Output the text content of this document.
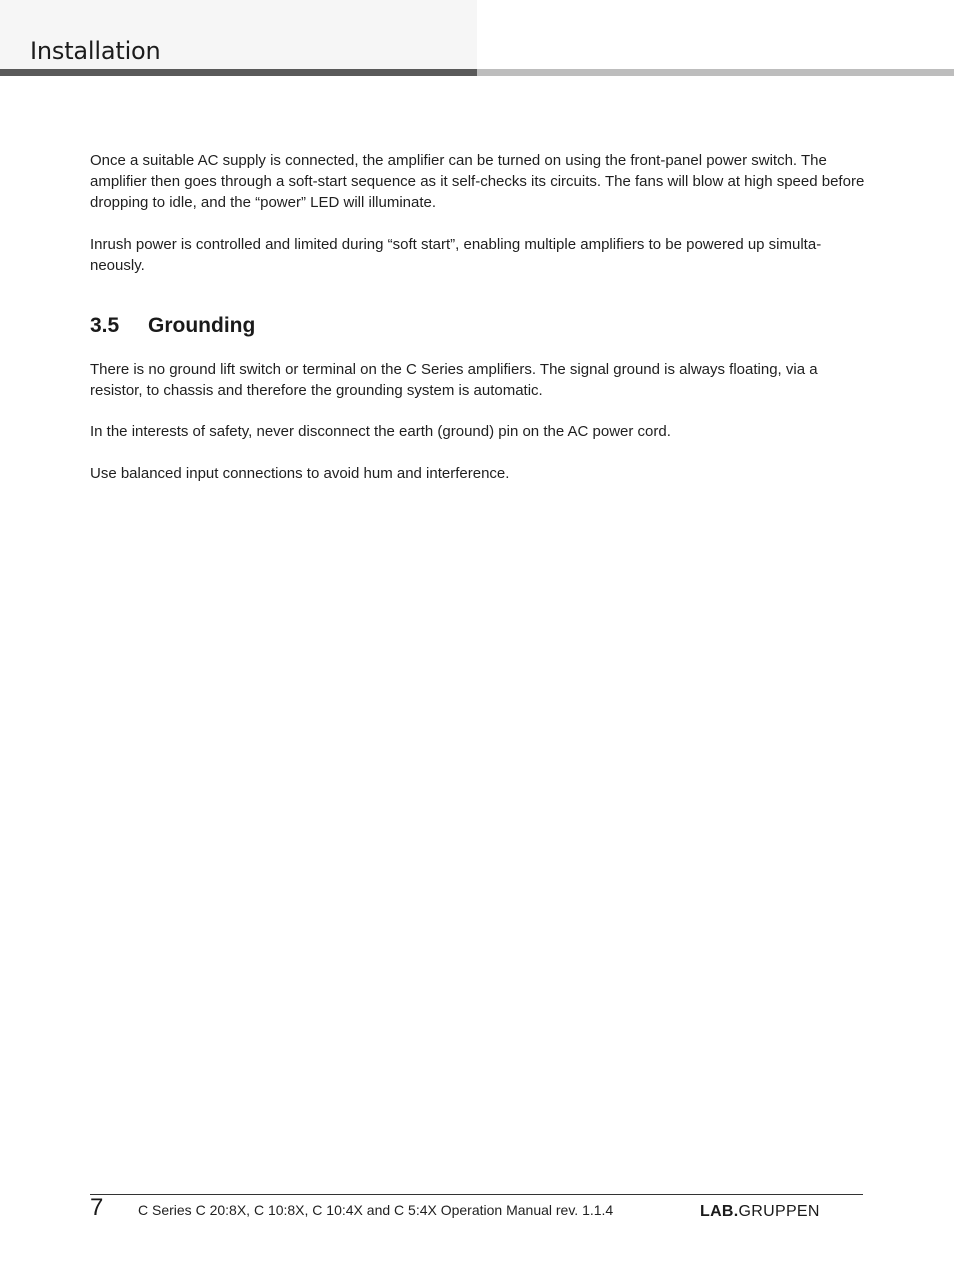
Installation

Once a suitable AC supply is connected, the amplifier can be turned on using the front-panel power switch. The amplifier then goes through a soft-start sequence as it self-checks its circuits. The fans will blow at high speed before dropping to idle, and the “power” LED will illuminate.

Inrush power is controlled and limited during “soft start”, enabling multiple amplifiers to be powered up simulta-neously.

3.5 Grounding

There is no ground lift switch or terminal on the C Series amplifiers. The signal ground is always floating, via a resistor, to chassis and therefore the grounding system is automatic.

In the interests of safety, never disconnect the earth (ground) pin on the AC power cord.

Use balanced input connections to avoid hum and interference.

7 C Series C 20:8X, C 10:8X, C 10:4X and C 5:4X Operation Manual rev. 1.1.4	LAB.GRUPPEN
